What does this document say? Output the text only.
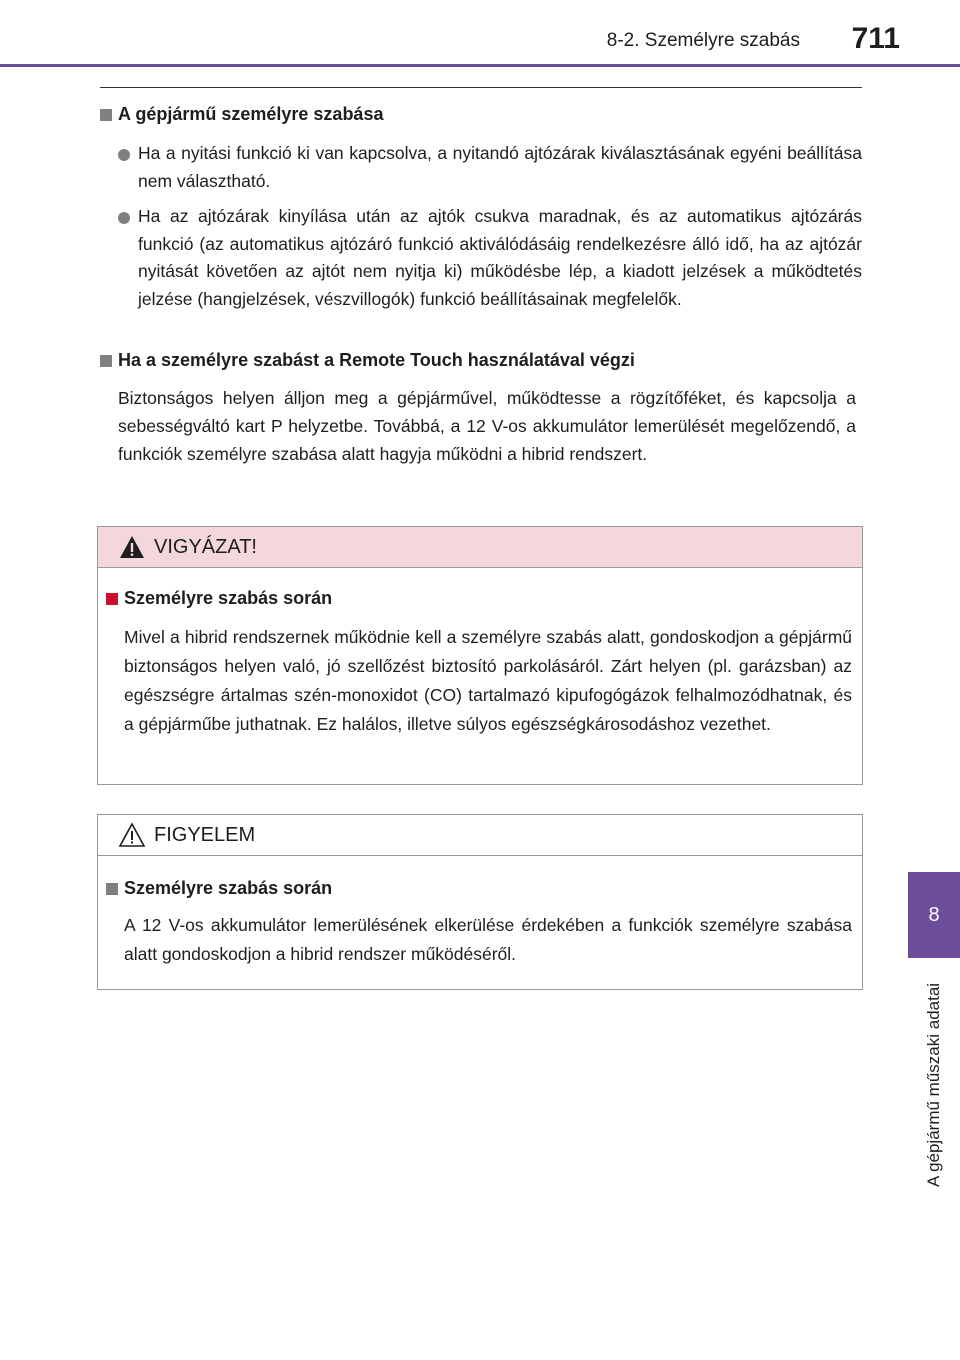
8-2. Személyre szabás	711
A gépjármű személyre szabása
Ha a nyitási funkció ki van kapcsolva, a nyitandó ajtózárak kiválasztásának egyéni beállítása nem választható.
Ha az ajtózárak kinyílása után az ajtók csukva maradnak, és az automatikus ajtózárás funkció (az automatikus ajtózáró funkció aktiválódásáig rendelkezésre álló idő, ha az ajtózár nyitását követően az ajtót nem nyitja ki) működésbe lép, a kiadott jelzések a működtetés jelzése (hangjelzések, vészvillogók) funkció beállításainak megfelelők.
Ha a személyre szabást a Remote Touch használatával végzi
Biztonságos helyen álljon meg a gépjárművel, működtesse a rögzítőféket, és kapcsolja a sebességváltó kart P helyzetbe. Továbbá, a 12 V-os akkumulátor lemerülését megelőzendő, a funkciók személyre szabása alatt hagyja működni a hibrid rendszert.
VIGYÁZAT!
Személyre szabás során
Mivel a hibrid rendszernek működnie kell a személyre szabás alatt, gondoskodjon a gépjármű biztonságos helyen való, jó szellőzést biztosító parkolásáról. Zárt helyen (pl. garázsban) az egészségre ártalmas szén-monoxidot (CO) tartalmazó kipufogógázok felhalmozódhatnak, és a gépjárműbe juthatnak. Ez halálos, illetve súlyos egészségkárosodáshoz vezethet.
FIGYELEM
Személyre szabás során
A 12 V-os akkumulátor lemerülésének elkerülése érdekében a funkciók személyre szabása alatt gondoskodjon a hibrid rendszer működéséről.
8
A gépjármű műszaki adatai
